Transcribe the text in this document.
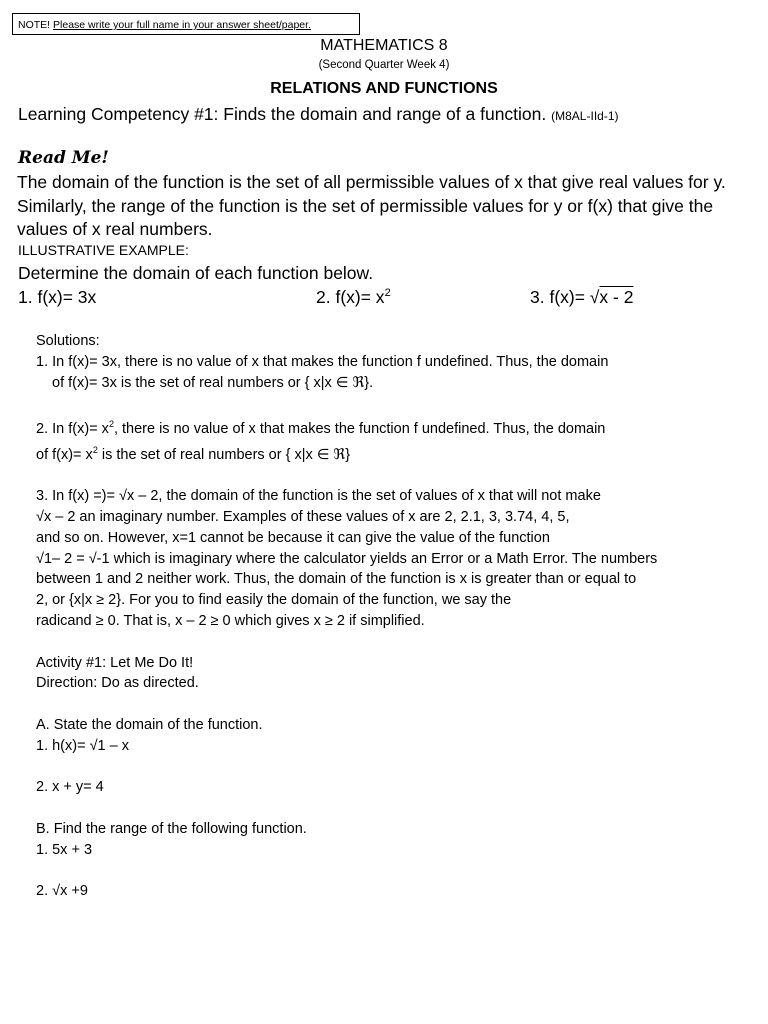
NOTE! Please write your full name in your answer sheet/paper.
MATHEMATICS 8
(Second Quarter Week 4)
RELATIONS AND FUNCTIONS
Learning Competency #1: Finds the domain and range of a function. (M8AL-IId-1)
Read Me!
The domain of the function is the set of all permissible values of x that give real values for y. Similarly, the range of the function is the set of permissible values for y or f(x) that give the values of x real numbers.
ILLUSTRATIVE EXAMPLE:
Determine the domain of each function below.
1. f(x)= 3x	2. $f(x)= x^2$	3. f(x)= √x - 2

Solutions:

1. In f(x)= 3x, there is no value of x that makes the function f undefined. Thus, the domain

of f(x)= 3x is the set of real numbers or { x|x ∈ ℜ}.

2. In $f(x)= x^2$, there is no value of x that makes the function f undefined. Thus, the domain

of $f(x)= x^2$ is the set of real numbers or { x|x ∈ ℜ}

3. In f(x) =)= √x – 2, the domain of the function is the set of values of x that will not make

√x – 2 an imaginary number. Examples of these values of x are 2, 2.1, 3, 3.74, 4, 5,

and so on. However, x=1 cannot be because it can give the value of the function

√1– 2 = √-1 which is imaginary where the calculator yields an Error or a Math Error. The numbers

between 1 and 2 neither work. Thus, the domain of the function is x is greater than or equal to

2, or {x|x ≥ 2}. For you to find easily the domain of the function, we say the

radicand ≥ 0. That is, x – 2 ≥ 0 which gives x ≥ 2 if simplified.

Activity #1: Let Me Do It!

Direction: Do as directed.

A. State the domain of the function.

1. h(x)= √1 – x

2. x + y= 4

B. Find the range of the following function.

1. 5x + 3

2. √x +9
